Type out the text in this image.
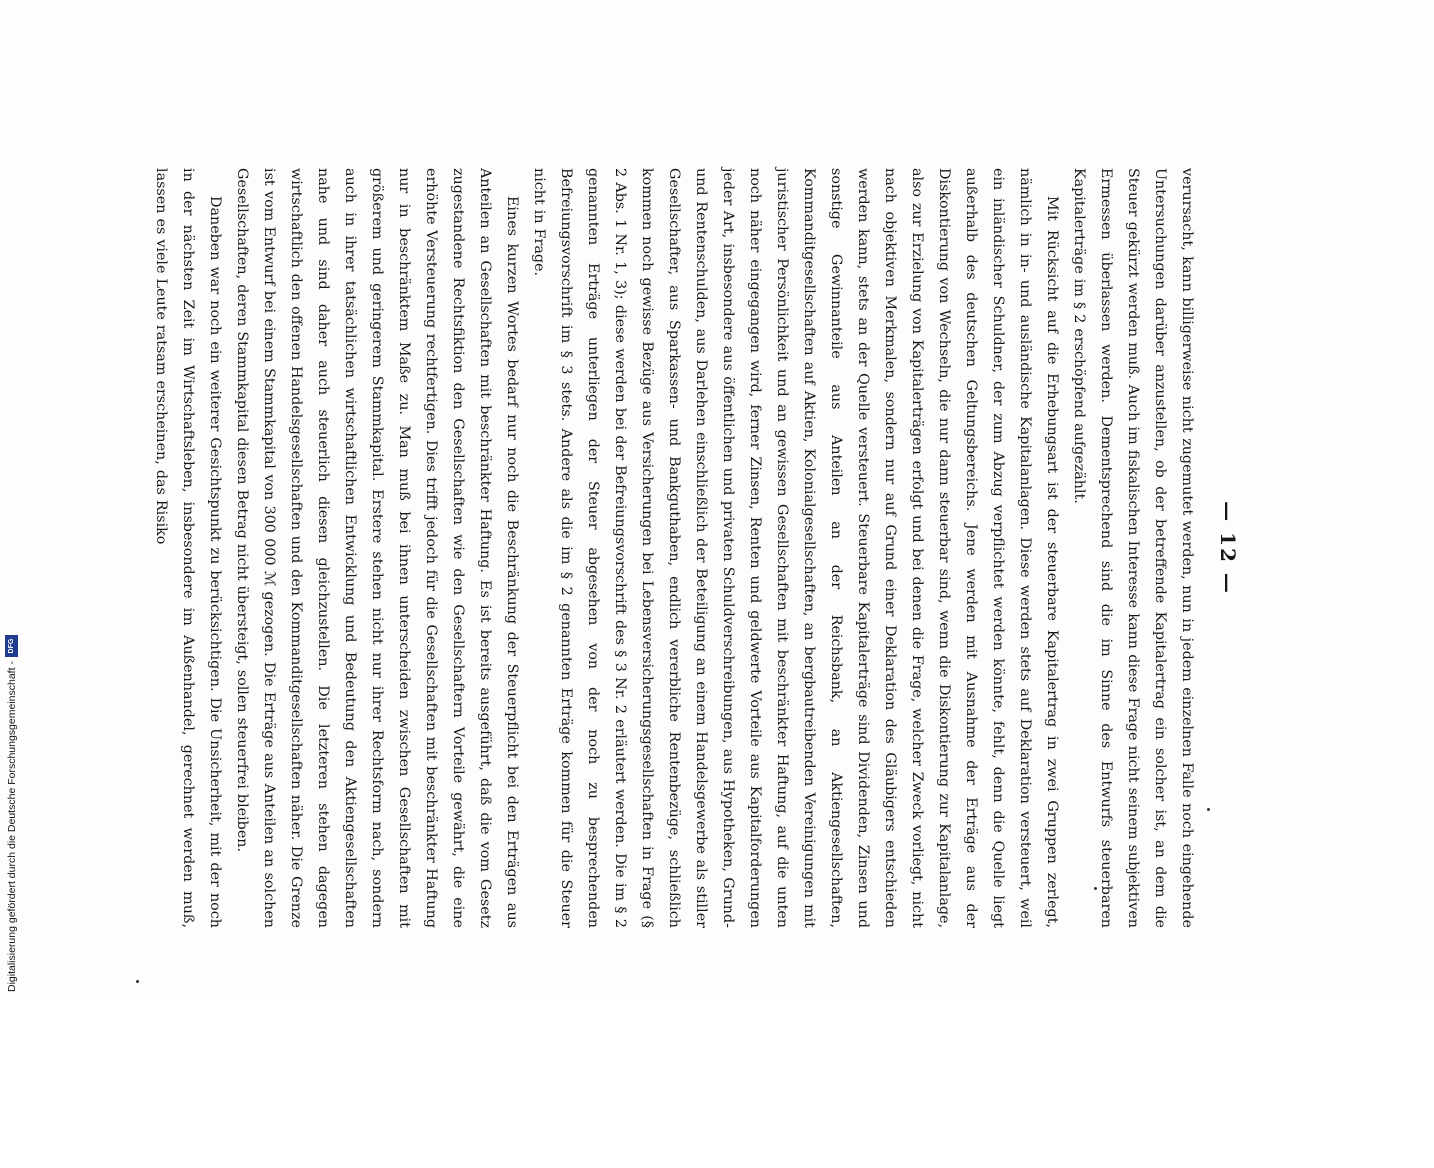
— 12 —

verursacht, kann billigerweise nicht zugemutet werden, nun in jedem einzelnen Falle noch eingehende Untersuchungen darüber anzustellen, ob der betreffende Kapitalertrag ein solcher ist, an dem die Steuer gekürzt werden muß. Auch im fiskalischen Interesse kann diese Frage nicht seinem subjektiven Ermessen überlassen werden. Dementsprechend sind die im Sinne des Entwurfs steuerbaren Kapitalerträge im § 2 erschöpfend aufgezählt.

Mit Rücksicht auf die Erhebungsart ist der steuerbare Kapitalertrag in zwei Gruppen zerlegt, nämlich in in- und ausländische Kapitalanlagen. Diese werden stets auf Deklaration versteuert, weil ein inländischer Schuldner, der zum Abzug verpflichtet werden könnte, fehlt, denn die Quelle liegt außerhalb des deutschen Geltungsbereichs. Jene werden mit Ausnahme der Erträge aus der Diskontierung von Wechseln, die nur dann steuerbar sind, wenn die Diskontierung zur Kapitalanlage, also zur Erzielung von Kapitalerträgen erfolgt und bei denen die Frage, welcher Zweck vorliegt, nicht nach objektiven Merkmalen, sondern nur auf Grund einer Deklaration des Gläubigers entschieden werden kann, stets an der Quelle versteuert. Steuerbare Kapitalerträge sind Dividenden, Zinsen und sonstige Gewinnanteile aus Anteilen an der Reichsbank, an Aktiengesellschaften, Kommanditgesellschaften auf Aktien, Kolonialgesellschaften, an bergbautreibenden Vereinigungen mit juristischer Persönlichkeit und an gewissen Gesellschaften mit beschränkter Haftung, auf die unten noch näher eingegangen wird, ferner Zinsen, Renten und geldwerte Vorteile aus Kapitalforderungen jeder Art, insbesondere aus öffentlichen und privaten Schuldverschreibungen, aus Hypotheken, Grund- und Rentenschulden, aus Darlehen einschließlich der Beteiligung an einem Handelsgewerbe als stiller Gesellschafter, aus Sparkassen- und Bankguthaben, endlich vererbliche Rentenbezüge, schließlich kommen noch gewisse Bezüge aus Versicherungen bei Lebensversicherungsgesellschaften in Frage (§ 2 Abs. 1 Nr. 1, 3); diese werden bei der Befreiungsvorschrift des § 3 Nr. 2 erläutert werden. Die im § 2 genannten Erträge unterliegen der Steuer abgesehen von der noch zu besprechenden Befreiungsvorschrift im § 3 stets. Andere als die im § 2 genannten Erträge kommen für die Steuer nicht in Frage.

Eines kurzen Wortes bedarf nur noch die Beschränkung der Steuerpflicht bei den Erträgen aus Anteilen an Gesellschaften mit beschränkter Haftung. Es ist bereits ausgeführt, daß die vom Gesetz zugestandene Rechtsfiktion den Gesellschaften wie den Gesellschaftern Vorteile gewährt, die eine erhöhte Versteuerung rechtfertigen. Dies trifft jedoch für die Gesellschaften mit beschränkter Haftung nur in beschränktem Maße zu. Man muß bei ihnen unterscheiden zwischen Gesellschaften mit größerem und geringerem Stammkapital. Erstere stehen nicht nur ihrer Rechtsform nach, sondern auch in ihrer tatsächlichen wirtschaftlichen Entwicklung und Bedeutung den Aktiengesellschaften nahe und sind daher auch steuerlich diesen gleichzustellen. Die letzteren stehen dagegen wirtschaftlich den offenen Handelsgesellschaften und den Kommanditgesellschaften näher. Die Grenze ist vom Entwurf bei einem Stammkapital von 300 000 ℳ gezogen. Die Erträge aus Anteilen an solchen Gesellschaften, deren Stammkapital diesen Betrag nicht übersteigt, sollen steuerfrei bleiben.

Daneben war noch ein weiterer Gesichtspunkt zu berücksichtigen. Die Unsicherheit, mit der noch in der nächsten Zeit im Wirtschaftsleben, insbesondere im Außenhandel, gerechnet werden muß, lassen es viele Leute ratsam erscheinen, das Risiko

Digitalisierung gefördert durch die Deutsche Forschungsgemeinschaft -
DFG
